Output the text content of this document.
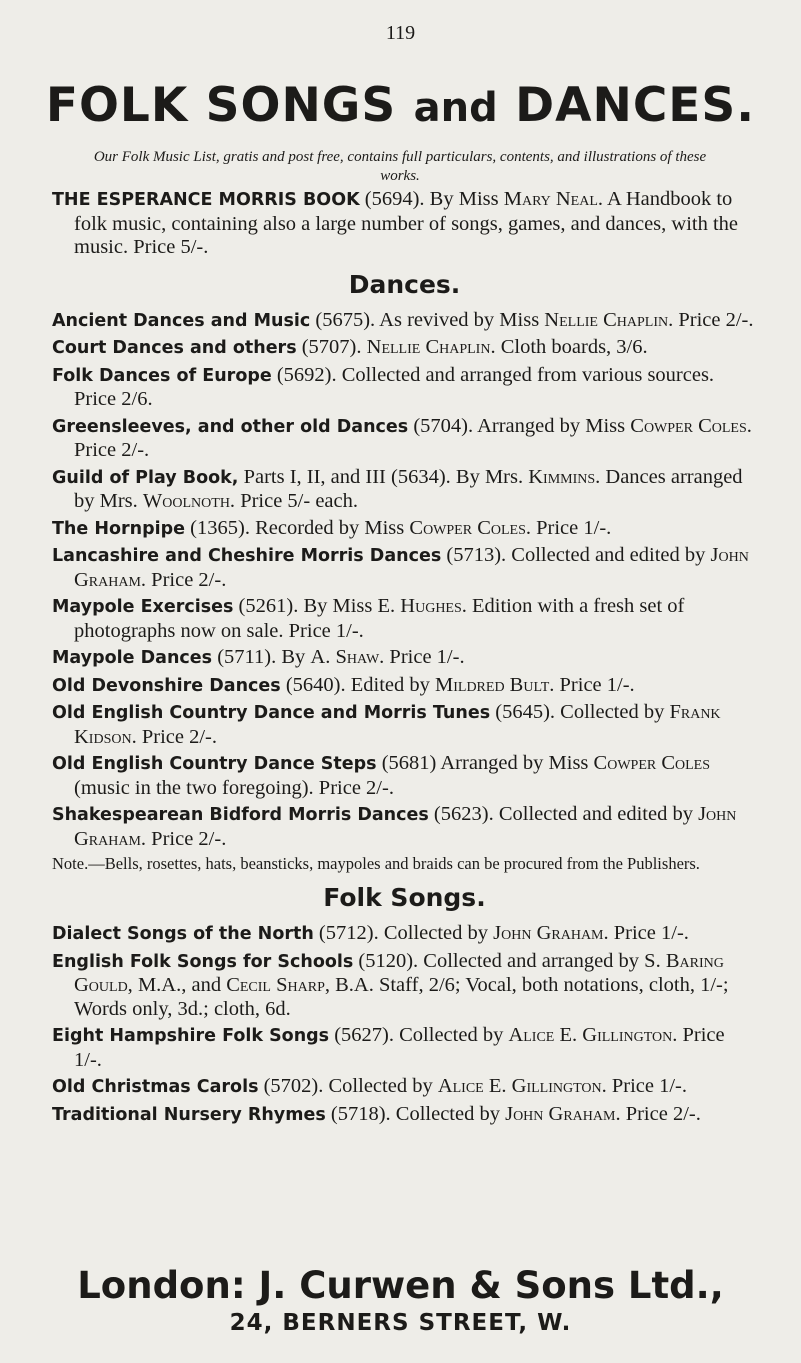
119
FOLK SONGS and DANCES.
Our Folk Music List, gratis and post free, contains full particulars, contents, and illustrations of these works.

THE ESPERANCE MORRIS BOOK (5694). By Miss Mary Neal. A Handbook to folk music, containing also a large number of songs, games, and dances, with the music. Price 5/-.

Dances.

Ancient Dances and Music (5675). As revived by Miss Nellie Chaplin. Price 2/-.

Court Dances and others (5707). Nellie Chaplin. Cloth boards, 3/6.

Folk Dances of Europe (5692). Collected and arranged from various sources. Price 2/6.

Greensleeves, and other old Dances (5704). Arranged by Miss Cowper Coles. Price 2/-.

Guild of Play Book, Parts I, II, and III (5634). By Mrs. Kimmins. Dances arranged by Mrs. Woolnoth. Price 5/- each.

The Hornpipe (1365). Recorded by Miss Cowper Coles. Price 1/-.

Lancashire and Cheshire Morris Dances (5713). Collected and edited by John Graham. Price 2/-.

Maypole Exercises (5261). By Miss E. Hughes. Edition with a fresh set of photographs now on sale. Price 1/-.

Maypole Dances (5711). By A. Shaw. Price 1/-.

Old Devonshire Dances (5640). Edited by Mildred Bult. Price 1/-.

Old English Country Dance and Morris Tunes (5645). Collected by Frank Kidson. Price 2/-.

Old English Country Dance Steps (5681) Arranged by Miss Cowper Coles (music in the two foregoing). Price 2/-.

Shakespearean Bidford Morris Dances (5623). Collected and edited by John Graham. Price 2/-.

Note.—Bells, rosettes, hats, beansticks, maypoles and braids can be procured from the Publishers.

Folk Songs.

Dialect Songs of the North (5712). Collected by John Graham. Price 1/-.

English Folk Songs for Schools (5120). Collected and arranged by S. Baring Gould, M.A., and Cecil Sharp, B.A. Staff, 2/6; Vocal, both notations, cloth, 1/-; Words only, 3d.; cloth, 6d.

Eight Hampshire Folk Songs (5627). Collected by Alice E. Gillington. Price 1/-.

Old Christmas Carols (5702). Collected by Alice E. Gillington. Price 1/-.

Traditional Nursery Rhymes (5718). Collected by John Graham. Price 2/-.

London: J. Curwen & Sons Ltd.,
24, BERNERS STREET, W.
